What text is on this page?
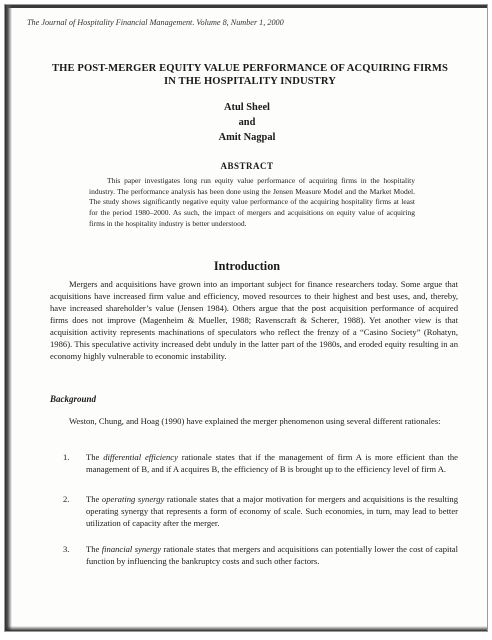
The Journal of Hospitality Financial Management. Volume 8, Number 1, 2000
THE POST-MERGER EQUITY VALUE PERFORMANCE OF ACQUIRING FIRMS IN THE HOSPITALITY INDUSTRY
Atul Sheel
and
Amit Nagpal
ABSTRACT
This paper investigates long run equity value performance of acquiring firms in the hospitality industry. The performance analysis has been done using the Jensen Measure Model and the Market Model. The study shows significantly negative equity value performance of the acquiring hospitality firms at least for the period 1980–2000. As such, the impact of mergers and acquisitions on equity value of acquiring firms in the hospitality industry is better understood.
Introduction
Mergers and acquisitions have grown into an important subject for finance researchers today. Some argue that acquisitions have increased firm value and efficiency, moved resources to their highest and best uses, and, thereby, have increased shareholder’s value (Jensen 1984). Others argue that the post acquisition performance of acquired firms does not improve (Magenheim & Mueller, 1988; Ravenscraft & Scherer, 1988). Yet another view is that acquisition activity represents machinations of speculators who reflect the frenzy of a “Casino Society” (Rohatyn, 1986). This speculative activity increased debt unduly in the latter part of the 1980s, and eroded equity resulting in an economy highly vulnerable to economic instability.
Background
Weston, Chung, and Hoag (1990) have explained the merger phenomenon using several different rationales:
1. The differential efficiency rationale states that if the management of firm A is more efficient than the management of B, and if A acquires B, the efficiency of B is brought up to the efficiency level of firm A.
2. The operating synergy rationale states that a major motivation for mergers and acquisitions is the resulting operating synergy that represents a form of economy of scale. Such economies, in turn, may lead to better utilization of capacity after the merger.
3. The financial synergy rationale states that mergers and acquisitions can potentially lower the cost of capital function by influencing the bankruptcy costs and such other factors.
